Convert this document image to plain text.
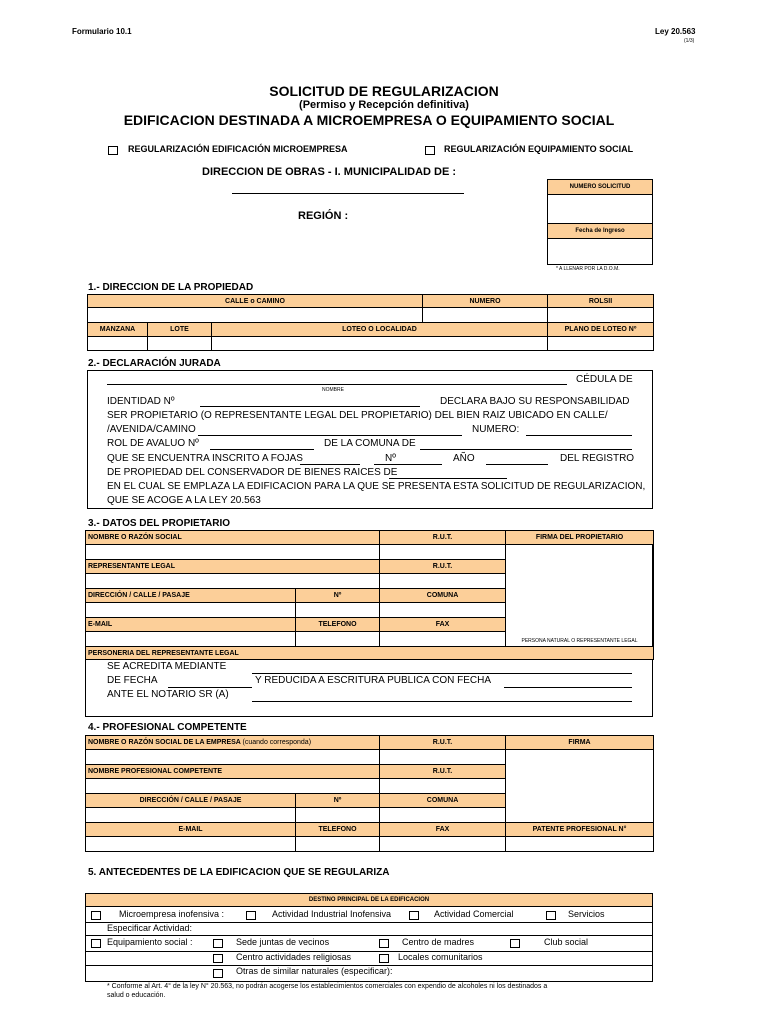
Formulario 10.1	Ley 20.563
(1/3)
SOLICITUD DE REGULARIZACION
(Permiso y Recepción definitiva)
EDIFICACION DESTINADA A MICROEMPRESA O EQUIPAMIENTO SOCIAL
REGULARIZACIÓN EDIFICACIÓN MICROEMPRESA	REGULARIZACIÓN EQUIPAMIENTO SOCIAL
DIRECCION DE OBRAS - I. MUNICIPALIDAD DE :
REGIÓN :
NUMERO SOLICITUD
Fecha de Ingreso
* A LLENAR POR LA D.O.M.
1.- DIRECCION DE LA PROPIEDAD
CALLE o CAMINO	NUMERO	ROLSII

MANZANA	LOTE	LOTEO O LOCALIDAD	PLANO DE LOTEO Nº

2.- DECLARACIÓN JURADA
CÉDULA DE
NOMBRE
IDENTIDAD Nº	DECLARA BAJO SU RESPONSABILIDAD
SER PROPIETARIO (O REPRESENTANTE LEGAL DEL PROPIETARIO) DEL BIEN RAIZ UBICADO EN CALLE/
/AVENIDA/CAMINO	NUMERO:
ROL DE AVALUO Nº	DE LA COMUNA DE
QUE SE ENCUENTRA INSCRITO A FOJAS	Nº	AÑO	DEL REGISTRO
DE PROPIEDAD DEL CONSERVADOR DE BIENES RAICES DE
EN EL CUAL SE EMPLAZA LA EDIFICACION PARA LA QUE SE PRESENTA ESTA SOLICITUD DE REGULARIZACION,
QUE SE ACOGE A LA LEY 20.563
3.- DATOS DEL PROPIETARIO
NOMBRE O RAZÓN SOCIAL		R.U.T.	FIRMA DEL PROPIETARIO	
			PERSONA NATURAL O REPRESENTANTE LEGAL	
REPRESENTANTE LEGAL		R.U.T.		

DIRECCIÓN / CALLE / PASAJE	Nº	COMUNA		

E-MAIL	TELEFONO	FAX		

PERSONERIA DEL REPRESENTANTE LEGAL				
SE ACREDITA MEDIANTE
DE FECHA	Y REDUCIDA A ESCRITURA PUBLICA CON FECHA
ANTE EL NOTARIO SR (A)
4.- PROFESIONAL COMPETENTE
NOMBRE O RAZÓN SOCIAL DE LA EMPRESA (cuando corresponda)		R.U.T.	FIRMA	

NOMBRE PROFESIONAL COMPETENTE		R.U.T.		

DIRECCIÓN / CALLE / PASAJE	Nº	COMUNA		

E-MAIL	TELEFONO	FAX	PATENTE PROFESIONAL N°	

5. ANTECEDENTES DE LA EDIFICACION QUE SE REGULARIZA
DESTINO PRINCIPAL DE LA EDIFICACION
Microempresa inofensiva :	Actividad Industrial Inofensiva	Actividad Comercial	Servicios
Especificar Actividad:
Equipamiento social :	Sede juntas de vecinos	Centro de madres	Club social
Centro actividades religiosas	Locales comunitarios
Otras de similar naturales (especificar):
* Conforme al Art. 4° de la ley N° 20.563, no podrán acogerse los establecimientos comerciales con expendio de alcoholes ni los destinados a
salud o educación.
